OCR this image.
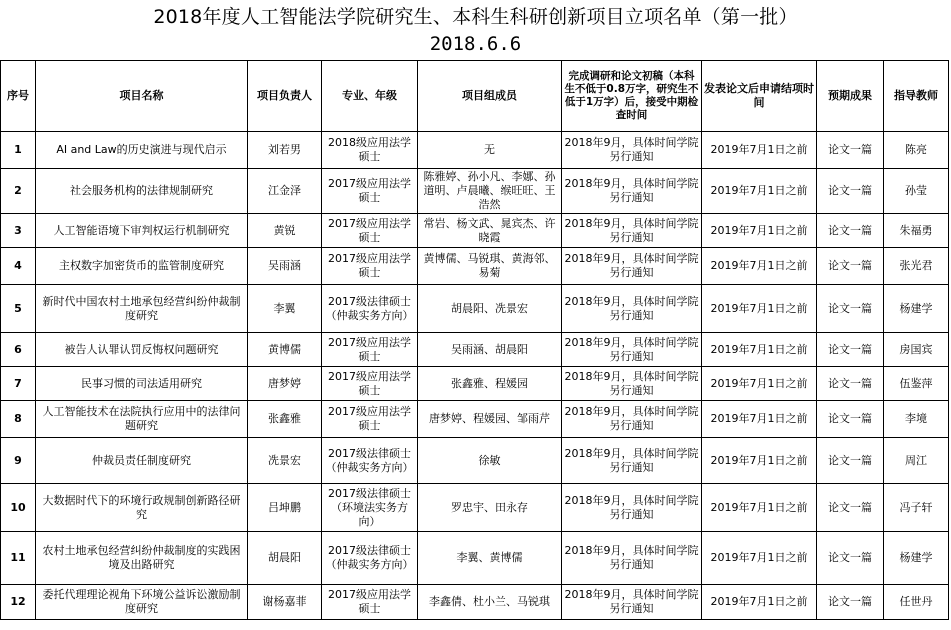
2018年度人工智能法学院研究生、本科生科研创新项目立项名单（第一批）
2018.6.6
序号	项目名称	项目负责人	专业、年级	项目组成员	完成调研和论文初稿（本科生不低于0.8万字，研究生不低于1万字）后，接受中期检查时间	发表论文后申请结项时间	预期成果	指导教师
1	AI and Law的历史演进与现代启示	刘若男	2018级应用法学硕士	无	2018年9月，具体时间学院另行通知	2019年7月1日之前	论文一篇	陈亮
2	社会服务机构的法律规制研究	江金泽	2017级应用法学硕士	陈雅婷、孙小凡、李娜、孙道明、卢晨曦、缑旺旺、王浩然	2018年9月，具体时间学院另行通知	2019年7月1日之前	论文一篇	孙莹
3	人工智能语境下审判权运行机制研究	黄锐	2017级应用法学硕士	常岩、杨文武、晁宾杰、许晓霞	2018年9月，具体时间学院另行通知	2019年7月1日之前	论文一篇	朱福勇
4	主权数字加密货币的监管制度研究	吴雨涵	2017级应用法学硕士	黄博儒、马锐琪、黄海邻、易菊	2018年9月，具体时间学院另行通知	2019年7月1日之前	论文一篇	张光君
5	新时代中国农村土地承包经营纠纷仲裁制度研究	李翼	2017级法律硕士（仲裁实务方向）	胡晨阳、冼景宏	2018年9月，具体时间学院另行通知	2019年7月1日之前	论文一篇	杨建学
6	被告人认罪认罚反悔权问题研究	黄博儒	2017级应用法学硕士	吴雨涵、胡晨阳	2018年9月，具体时间学院另行通知	2019年7月1日之前	论文一篇	房国宾
7	民事习惯的司法适用研究	唐梦婷	2017级应用法学硕士	张鑫雅、程媛园	2018年9月，具体时间学院另行通知	2019年7月1日之前	论文一篇	伍鉴萍
8	人工智能技术在法院执行应用中的法律问题研究	张鑫雅	2017级应用法学硕士	唐梦婷、程媛园、邹雨芹	2018年9月，具体时间学院另行通知	2019年7月1日之前	论文一篇	李境
9	仲裁员责任制度研究	冼景宏	2017级法律硕士（仲裁实务方向）	徐敏	2018年9月，具体时间学院另行通知	2019年7月1日之前	论文一篇	周江
10	大数据时代下的环境行政规制创新路径研究	吕坤鹏	2017级法律硕士（环境法实务方向）	罗忠宇、田永存	2018年9月，具体时间学院另行通知	2019年7月1日之前	论文一篇	冯子轩
11	农村土地承包经营纠纷仲裁制度的实践困境及出路研究	胡晨阳	2017级法律硕士（仲裁实务方向）	李翼、黄博儒	2018年9月，具体时间学院另行通知	2019年7月1日之前	论文一篇	杨建学
12	委托代理理论视角下环境公益诉讼激励制度研究	谢杨嘉菲	2017级应用法学硕士	李鑫倩、杜小兰、马锐琪	2018年9月，具体时间学院另行通知	2019年7月1日之前	论文一篇	任世丹
